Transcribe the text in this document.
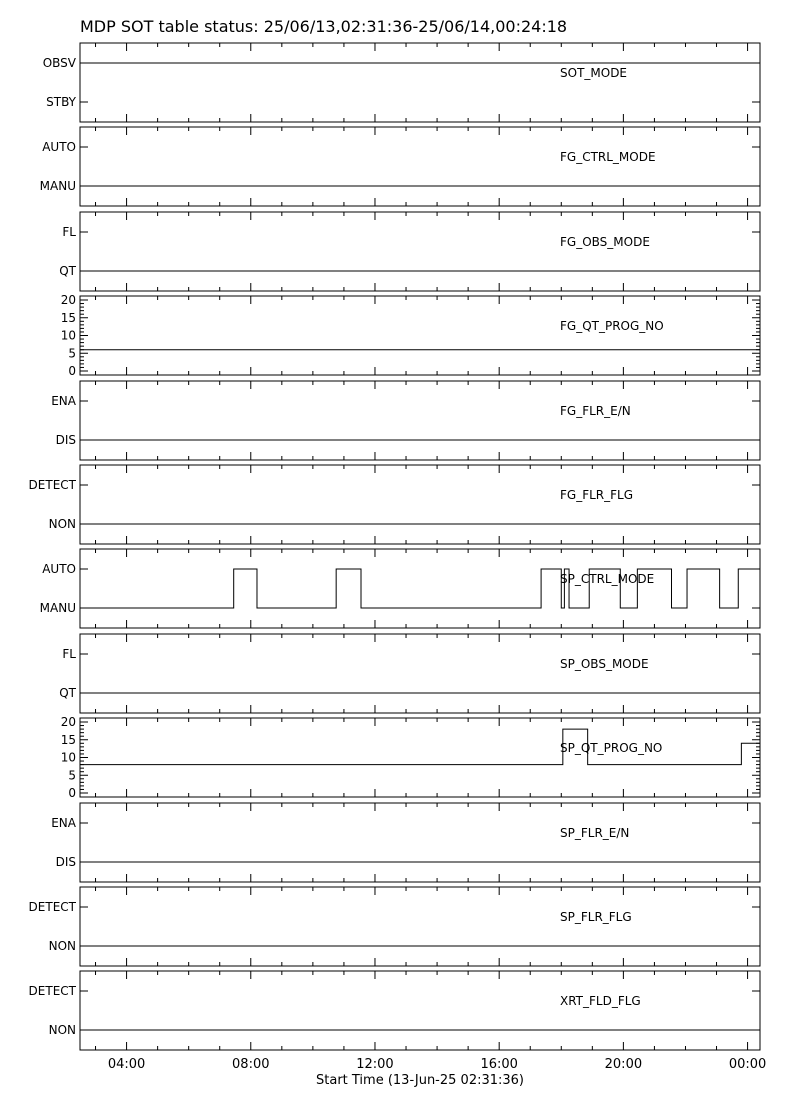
MDP SOT table status: 25/06/13,02:31:36-25/06/14,00:24:18
OBSV
STBY
SOT_MODE
AUTO
MANU
FG_CTRL_MODE
FL
QT
FG_OBS_MODE
0
5
10
15
20
FG_QT_PROG_NO
ENA
DIS
FG_FLR_E/N
DETECT
NON
FG_FLR_FLG
AUTO
MANU
SP_CTRL_MODE
FL
QT
SP_OBS_MODE
0
5
10
15
20
SP_QT_PROG_NO
ENA
DIS
SP_FLR_E/N
DETECT
NON
SP_FLR_FLG
DETECT
NON
XRT_FLD_FLG
04:00	08:00	12:00	16:00	20:00	00:00
Start Time (13-Jun-25 02:31:36)
